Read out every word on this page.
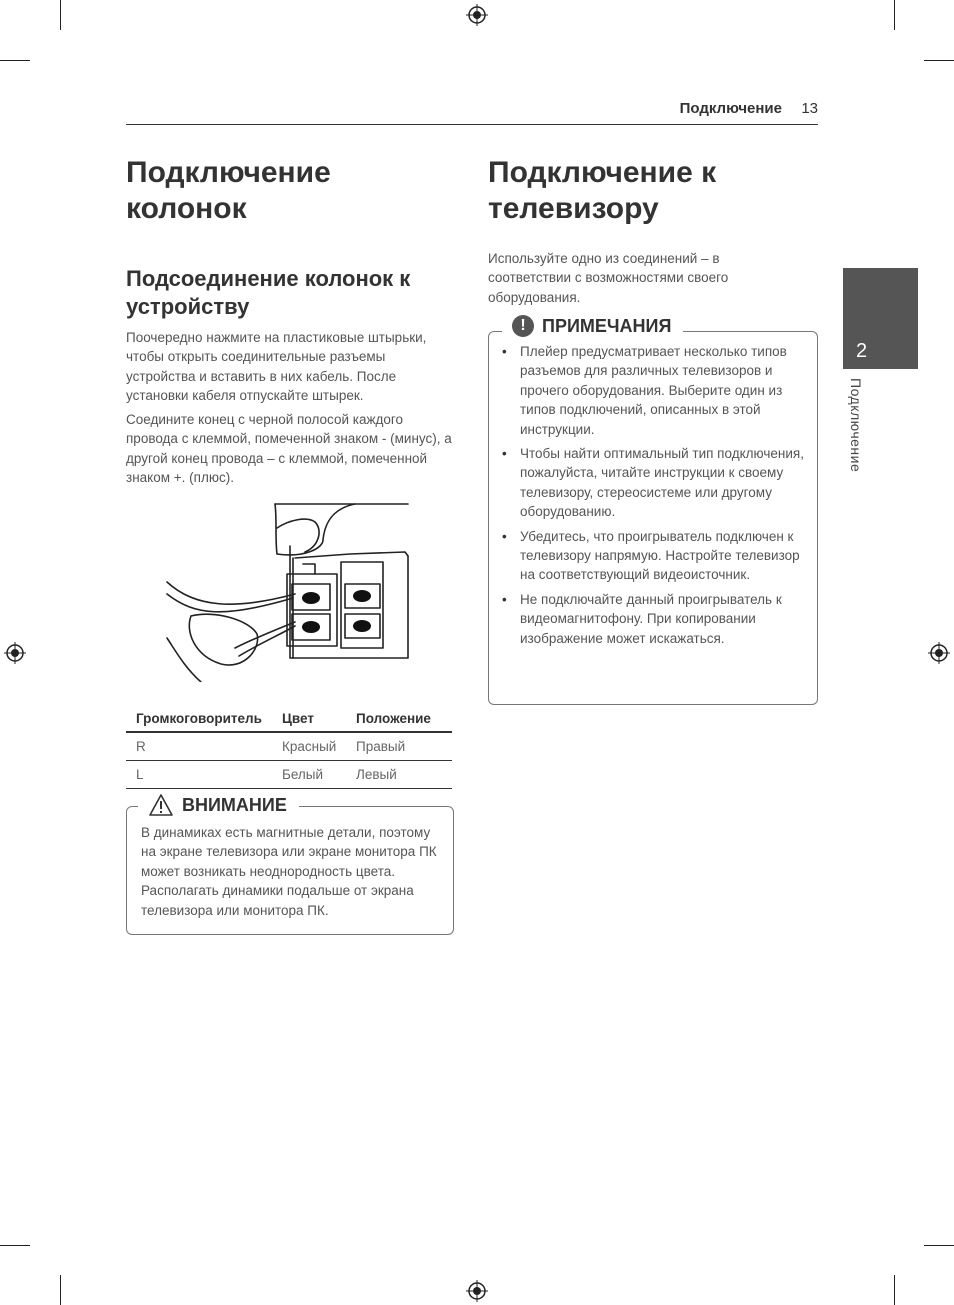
Подключение 13
Подключение колонок
Подсоединение колонок к устройству

Поочередно нажмите на пластиковые штырьки, чтобы открыть соединительные разъемы устройства и вставить в них кабель. После установки кабеля отпускайте штырек.

Соедините конец с черной полосой каждого провода с клеммой, помеченной знаком - (минус), а другой конец провода – с клеммой, помеченной знаком +. (плюс).

Громкоговоритель	Цвет	Положение
R	Красный	Правый
L	Белый	Левый
ВНИМАНИЕ

В динамиках есть магнитные детали, поэтому на экране телевизора или экране монитора ПК может возникать неоднородность цвета. Располагать динамики подальше от экрана телевизора или монитора ПК.

Подключение к телевизору

Используйте одно из соединений – в соответствии с возможностями своего оборудования.

! ПРИМЕЧАНИЯ
• Плейер предусматривает несколько типов разъемов для различных телевизоров и прочего оборудования. Выберите один из типов подключений, описанных в этой инструкции.
• Чтобы найти оптимальный тип подключения, пожалуйста, читайте инструкции к своему телевизору, стереосистеме или другому оборудованию.
• Убедитесь, что проигрыватель подключен к телевизору напрямую. Настройте телевизор на соответствующий видеоисточник.
• Не подключайте данный проигрыватель к видеомагнитофону. При копировании изображение может искажаться.
2
Подключение
